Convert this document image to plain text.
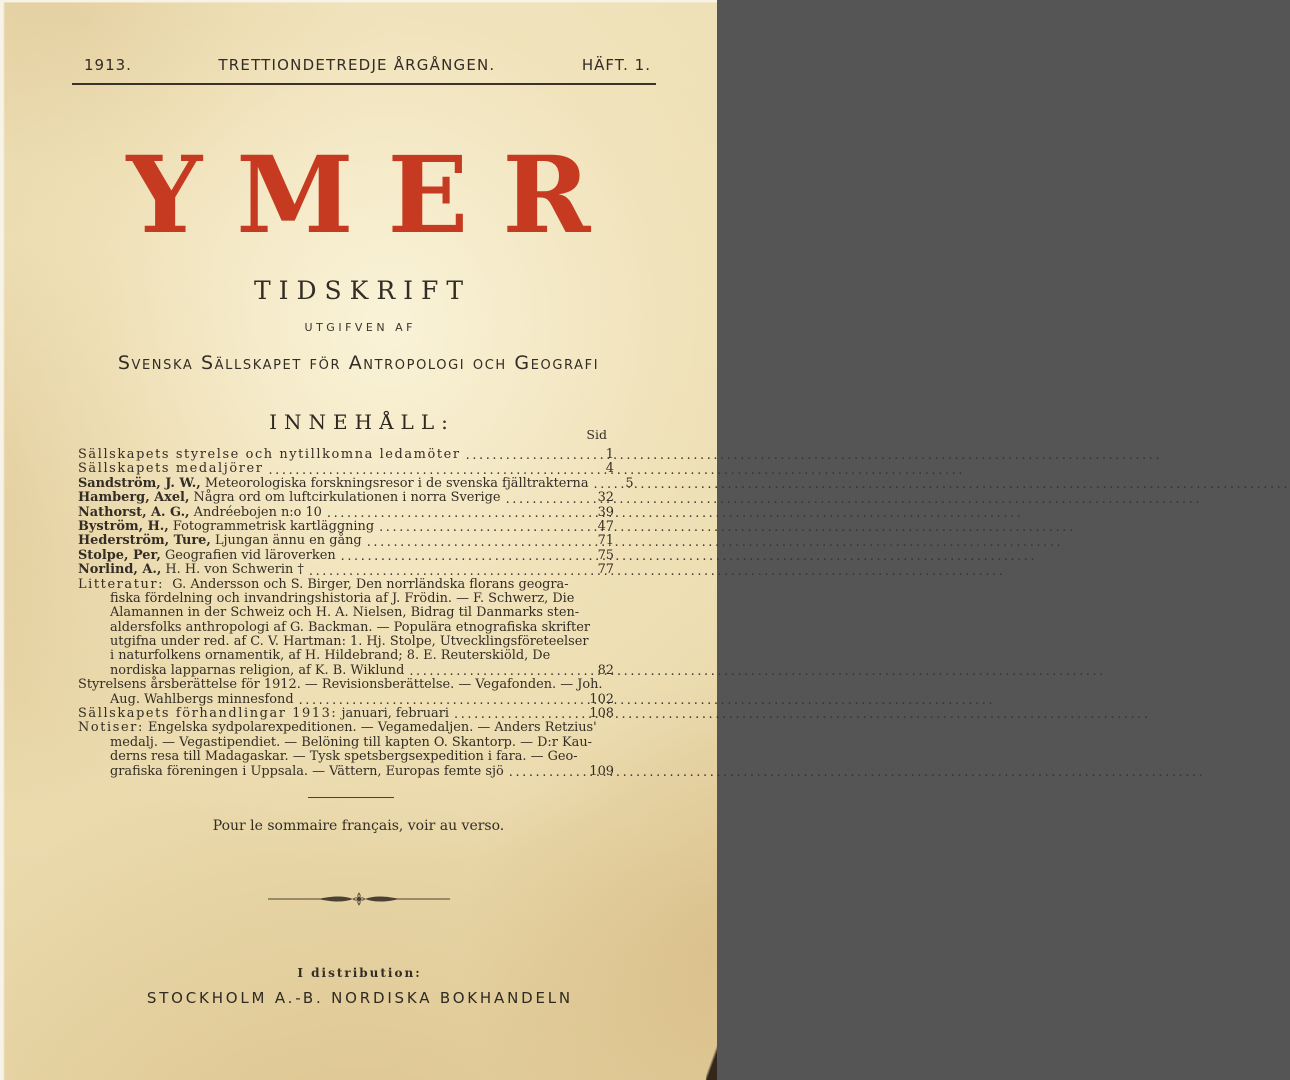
1913.	TRETTIONDETREDJE ÅRGÅNGEN.	HÄFT. 1.
YMER
TIDSKRIFT
UTGIFVEN AF
Svenska Sällskapet för Antropologi och Geografi
INNEHÅLL:
Sid
Sällskapets styrelse och nytillkomna ledamöter .....	1
Sällskapets medaljörer .....	4
Sandström, J. W., Meteorologiska forskningsresor i de svenska fjälltrakterna .....	5
Hamberg, Axel, Några ord om luftcirkulationen i norra Sverige .....	32
Nathorst, A. G., Andréebojen n:o 10 .....	39
Byström, H., Fotogrammetrisk kartläggning .....	47
Hederström, Ture, Ljungan ännu en gång .....	71
Stolpe, Per, Geografien vid läroverken .....	75
Norlind, A., H. H. von Schwerin † .....	77
Litteratur: G. Andersson och S. Birger, Den norrländska florans geogra-
fiska fördelning och invandringshistoria af J. Frödin. — F. Schwerz, Die
Alamannen in der Schweiz och H. A. Nielsen, Bidrag til Danmarks sten-
aldersfolks anthropologi af G. Backman. — Populära etnografiska skrifter
utgifna under red. af C. V. Hartman: 1. Hj. Stolpe, Utvecklingsföreteelser
i naturfolkens ornamentik, af H. Hildebrand; 8. E. Reuterskiöld, De
nordiska lapparnas religion, af K. B. Wiklund .....	82
Styrelsens årsberättelse för 1912. — Revisionsberättelse. — Vegafonden. — Joh.
Aug. Wahlbergs minnesfond .....	102
Sällskapets förhandlingar 1913: januari, februari .....	108
Notiser: Engelska sydpolarexpeditionen. — Vegamedaljen. — Anders Retzius'
medalj. — Vegastipendiet. — Belöning till kapten O. Skantorp. — D:r Kau-
derns resa till Madagaskar. — Tysk spetsbergsexpedition i fara. — Geo-
grafiska föreningen i Uppsala. — Vättern, Europas femte sjö .....	109
Pour le sommaire français, voir au verso.
I distribution:
STOCKHOLM A.-B. NORDISKA BOKHANDELN
